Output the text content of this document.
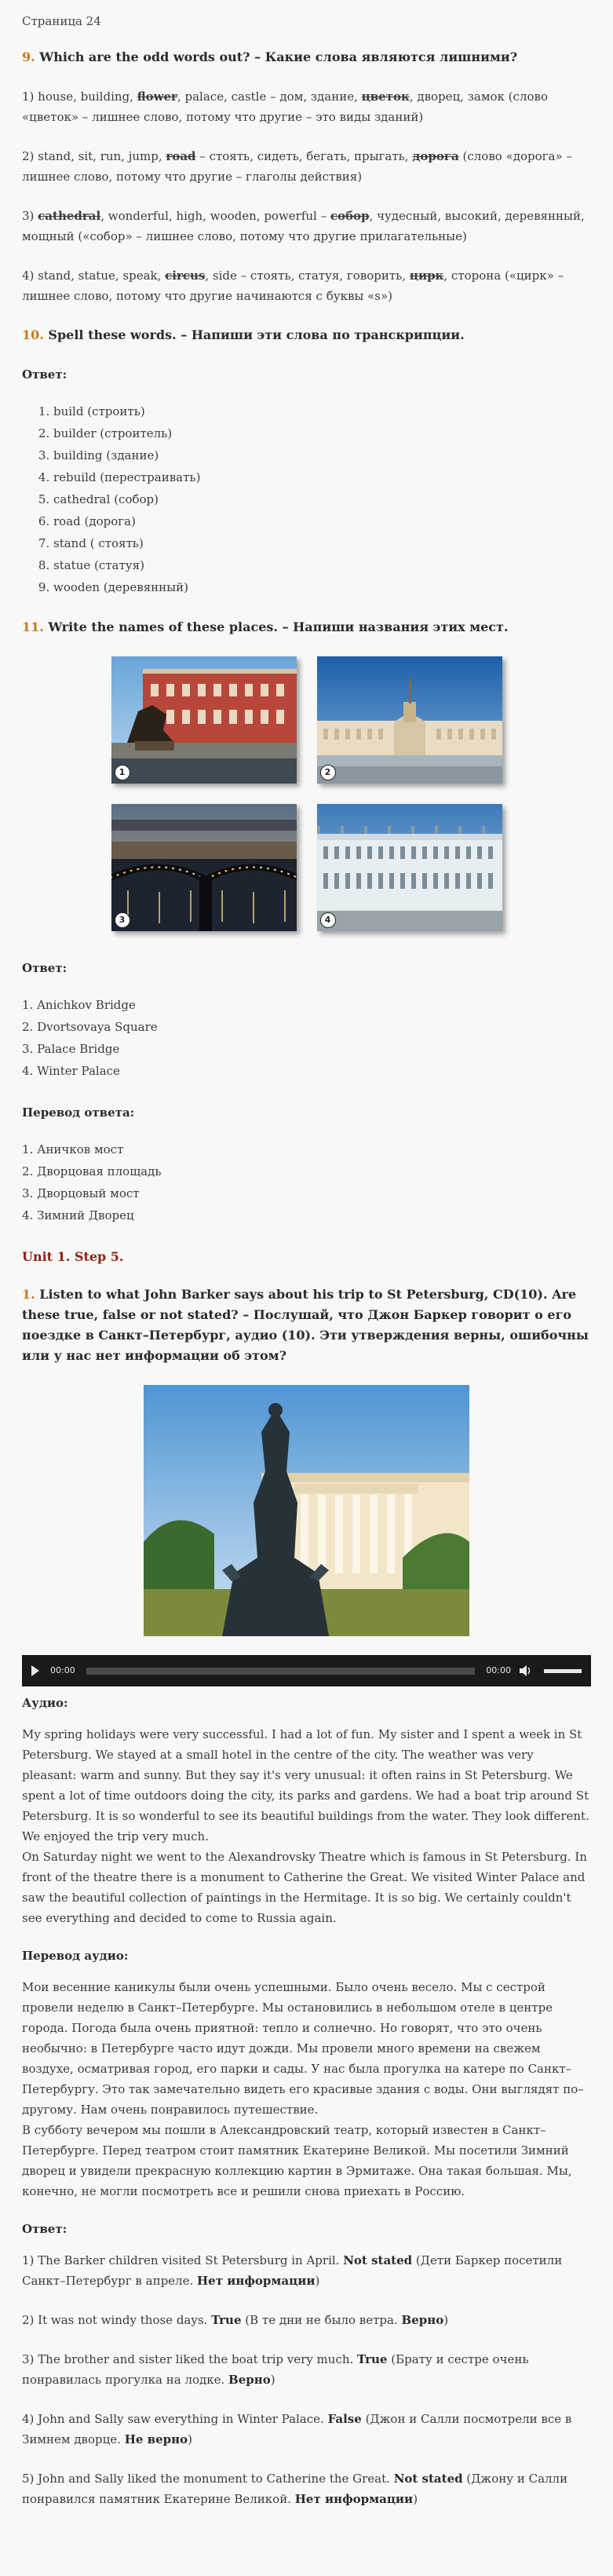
Страница 24
9. Which are the odd words out? – Какие слова являются лишними?

1) house, building, flower, palace, castle – дом, здание, цветок, дворец, замок (слово «цветок» – лишнее слово, потому что другие – это виды зданий)

2) stand, sit, run, jump, road – стоять, сидеть, бегать, прыгать, дорога (слово «дорога» – лишнее слово, потому что другие – глаголы действия)

3) cathedral, wonderful, high, wooden, powerful – собор, чудесный, высокий, деревянный, мощный («собор» – лишнее слово, потому что другие прилагательные)

4) stand, statue, speak, circus, side – стоять, статуя, говорить, цирк, сторона («цирк» – лишнее слово, потому что другие начинаются с буквы «s»)

10. Spell these words. – Напиши эти слова по транскрипции.
Ответ:
1. build (строить)
2. builder (строитель)
3. building (здание)
4. rebuild (перестраивать)
5. cathedral (собор)
6. road (дорога)
7. stand ( стоять)
8. statue (статуя)
9. wooden (деревянный)
11. Write the names of these places. – Напиши названия этих мест.
1	2
3	4
Ответ:
1. Anichkov Bridge
2. Dvortsovaya Square
3. Palace Bridge
4. Winter Palace
Перевод ответа:
1. Аничков мост
2. Дворцовая площадь
3. Дворцовый мост
4. Зимний Дворец
Unit 1. Step 5.
1. Listen to what John Barker says about his trip to St Petersburg, CD(10). Are these true, false or not stated? – Послушай, что Джон Баркер говорит о его поездке в Санкт–Петербург, аудио (10). Эти утверждения верны, ошибочны или у нас нет информации об этом?
00:00	00:00
Аудио:
My spring holidays were very successful. I had a lot of fun. My sister and I spent a week in St Petersburg. We stayed at a small hotel in the centre of the city. The weather was very pleasant: warm and sunny. But they say it's very unusual: it often rains in St Petersburg. We spent a lot of time outdoors doing the city, its parks and gardens. We had a boat trip around St Petersburg. It is so wonderful to see its beautiful buildings from the water. They look different. We enjoyed the trip very much.
On Saturday night we went to the Alexandrovsky Theatre which is famous in St Petersburg. In front of the theatre there is a monument to Catherine the Great. We visited Winter Palace and saw the beautiful collection of paintings in the Hermitage. It is so big. We certainly couldn't see everything and decided to come to Russia again.
Перевод аудио:
Мои весенние каникулы были очень успешными. Было очень весело. Мы с сестрой провели неделю в Санкт–Петербурге. Мы остановились в небольшом отеле в центре города. Погода была очень приятной: тепло и солнечно. Но говорят, что это очень необычно: в Петербурге часто идут дожди. Мы провели много времени на свежем воздухе, осматривая город, его парки и сады. У нас была прогулка на катере по Санкт–Петербургу. Это так замечательно видеть его красивые здания с воды. Они выглядят по–другому. Нам очень понравилось путешествие.
В субботу вечером мы пошли в Александровский театр, который известен в Санкт–Петербурге. Перед театром стоит памятник Екатерине Великой. Мы посетили Зимний дворец и увидели прекрасную коллекцию картин в Эрмитаже. Она такая большая. Мы, конечно, не могли посмотреть все и решили снова приехать в Россию.
Ответ:

1) The Barker children visited St Petersburg in April. Not stated (Дети Баркер посетили Санкт–Петербург в апреле. Нет информации)

2) It was not windy those days. True (В те дни не было ветра. Верно)

3) The brother and sister liked the boat trip very much. True (Брату и сестре очень понравилась прогулка на лодке. Верно)

4) John and Sally saw everything in Winter Palace. False (Джон и Салли посмотрели все в Зимнем дворце. Не верно)

5) John and Sally liked the monument to Catherine the Great. Not stated (Джону и Салли понравился памятник Екатерине Великой. Нет информации)
